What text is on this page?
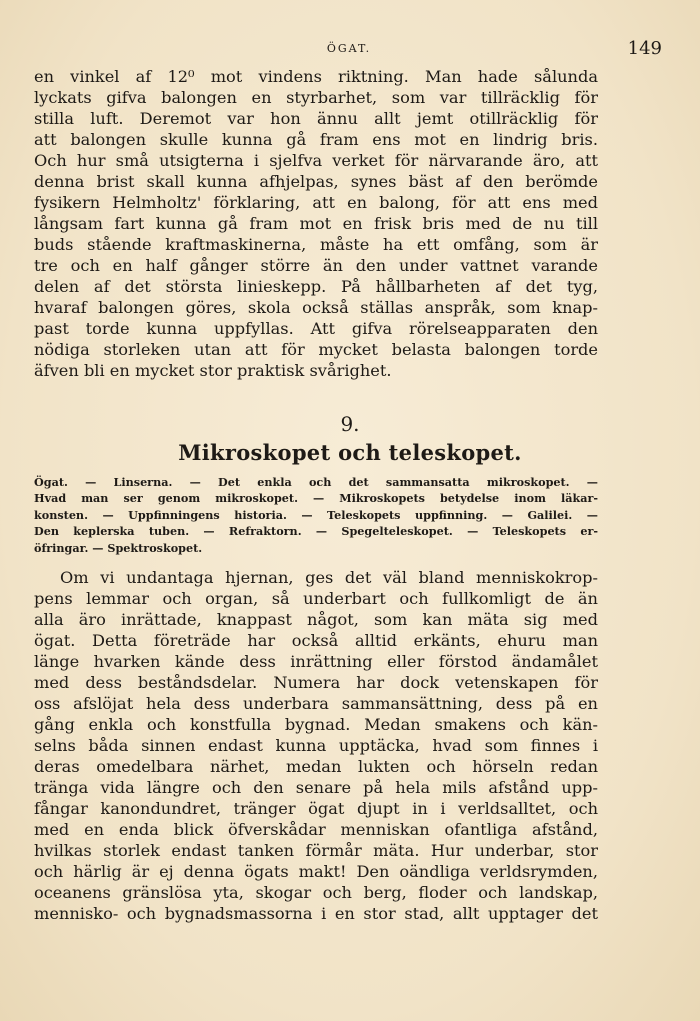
ÖGAT.	149
en vinkel af 12⁰ mot vindens riktning. Man hade sålunda
lyckats gifva balongen en styrbarhet, som var tillräcklig för
stilla luft. Deremot var hon ännu allt jemt otillräcklig för
att balongen skulle kunna gå fram ens mot en lindrig bris.
Och hur små utsigterna i sjelfva verket för närvarande äro, att
denna brist skall kunna afhjelpas, synes bäst af den berömde
fysikern Helmholtz' förklaring, att en balong, för att ens med
långsam fart kunna gå fram mot en frisk bris med de nu till
buds stående kraftmaskinerna, måste ha ett omfång, som är
tre och en half gånger större än den under vattnet varande
delen af det största linieskepp. På hållbarheten af det tyg,
hvaraf balongen göres, skola också ställas anspråk, som knap-
past torde kunna uppfyllas. Att gifva rörelseapparaten den
nödiga storleken utan att för mycket belasta balongen torde
äfven bli en mycket stor praktisk svårighet.
9.
Mikroskopet och teleskopet.
Ögat. — Linserna. — Det enkla och det sammansatta mikroskopet. —
Hvad man ser genom mikroskopet. — Mikroskopets betydelse inom läkar-
konsten. — Uppfinningens historia. — Teleskopets uppfinning. — Galilei. —
Den keplerska tuben. — Refraktorn. — Spegelteleskopet. — Teleskopets er-
öfringar. — Spektroskopet.
Om vi undantaga hjernan, ges det väl bland menniskokrop-
pens lemmar och organ, så underbart och fullkomligt de än
alla äro inrättade, knappast något, som kan mäta sig med
ögat. Detta företräde har också alltid erkänts, ehuru man
länge hvarken kände dess inrättning eller förstod ändamålet
med dess beståndsdelar. Numera har dock vetenskapen för
oss afslöjat hela dess underbara sammansättning, dess på en
gång enkla och konstfulla bygnad. Medan smakens och kän-
selns båda sinnen endast kunna upptäcka, hvad som finnes i
deras omedelbara närhet, medan lukten och hörseln redan
tränga vida längre och den senare på hela mils afstånd upp-
fångar kanondundret, tränger ögat djupt in i verldsalltet, och
med en enda blick öfverskådar menniskan ofantliga afstånd,
hvilkas storlek endast tanken förmår mäta. Hur underbar, stor
och härlig är ej denna ögats makt! Den oändliga verldsrymden,
oceanens gränslösa yta, skogar och berg, floder och landskap,
mennisko- och bygnadsmassorna i en stor stad, allt upptager det
